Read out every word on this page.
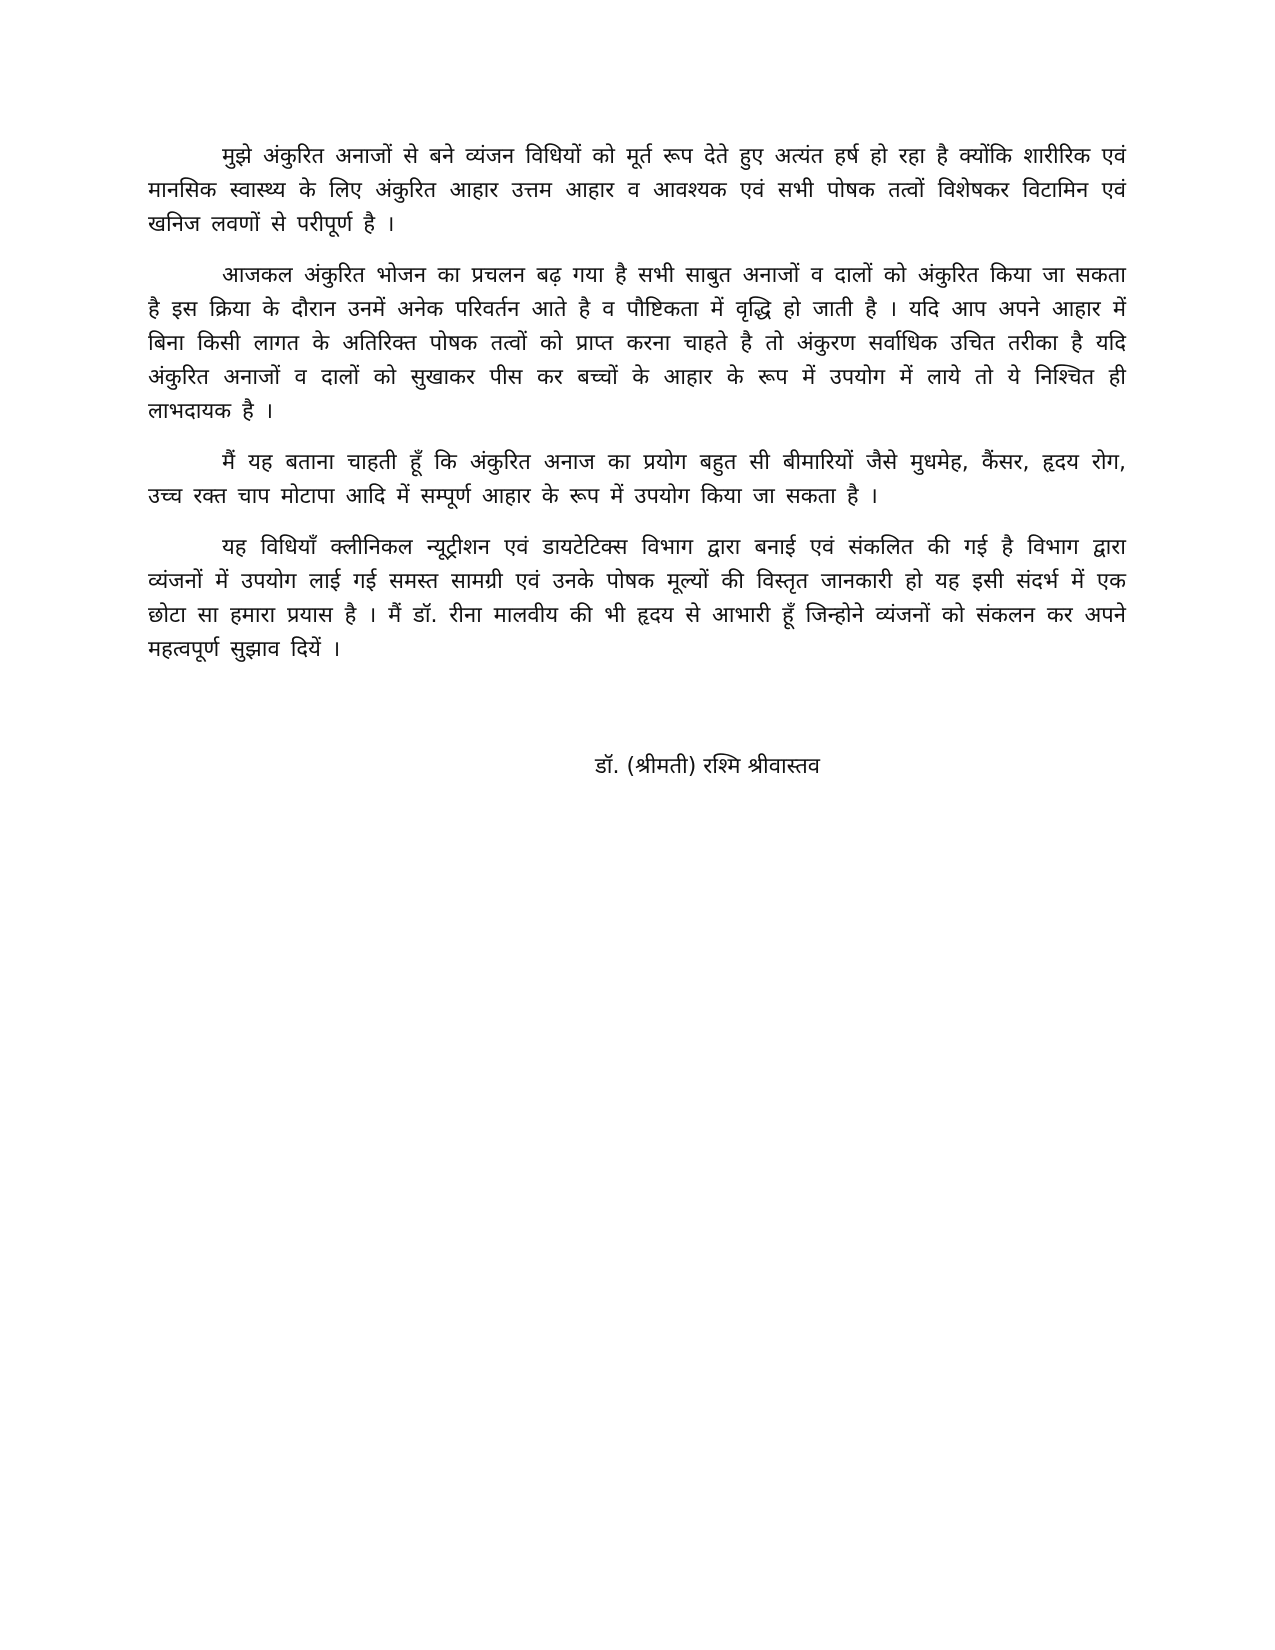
मुझे अंकुरित अनाजों से बने व्यंजन विधियों को मूर्त रूप देते हुए अत्यंत हर्ष हो रहा है क्योंकि शारीरिक एवं मानसिक स्वास्थ्य के लिए अंकुरित आहार उत्तम आहार व आवश्यक एवं सभी पोषक तत्वों विशेषकर विटामिन एवं खनिज लवणों से परीपूर्ण है ।

आजकल अंकुरित भोजन का प्रचलन बढ़ गया है सभी साबुत अनाजों व दालों को अंकुरित किया जा सकता है इस क्रिया के दौरान उनमें अनेक परिवर्तन आते है व पौष्टिकता में वृद्धि हो जाती है । यदि आप अपने आहार में बिना किसी लागत के अतिरिक्त पोषक तत्वों को प्राप्त करना चाहते है तो अंकुरण सर्वाधिक उचित तरीका है यदि अंकुरित अनाजों व दालों को सुखाकर पीस कर बच्चों के आहार के रूप में उपयोग में लाये तो ये निश्चित ही लाभदायक है ।

मैं यह बताना चाहती हूँ कि अंकुरित अनाज का प्रयोग बहुत सी बीमारियों जैसे मुधमेह, कैंसर, हृदय रोग, उच्च रक्त चाप मोटापा आदि में सम्पूर्ण आहार के रूप में उपयोग किया जा सकता है ।

यह विधियॉं क्लीनिकल न्यूट्रीशन एवं डायटेटिक्स विभाग द्वारा बनाई एवं संकलित की गई है विभाग द्वारा व्यंजनों में उपयोग लाई गई समस्त सामग्री एवं उनके पोषक मूल्यों की विस्तृत जानकारी हो यह इसी संदर्भ में एक छोटा सा हमारा प्रयास है । मैं डॉ. रीना मालवीय की भी हृदय से आभारी हूँ जिन्होने व्यंजनों को संकलन कर अपने महत्वपूर्ण सुझाव दियें ।

डॉ. (श्रीमती) रश्मि श्रीवास्तव
